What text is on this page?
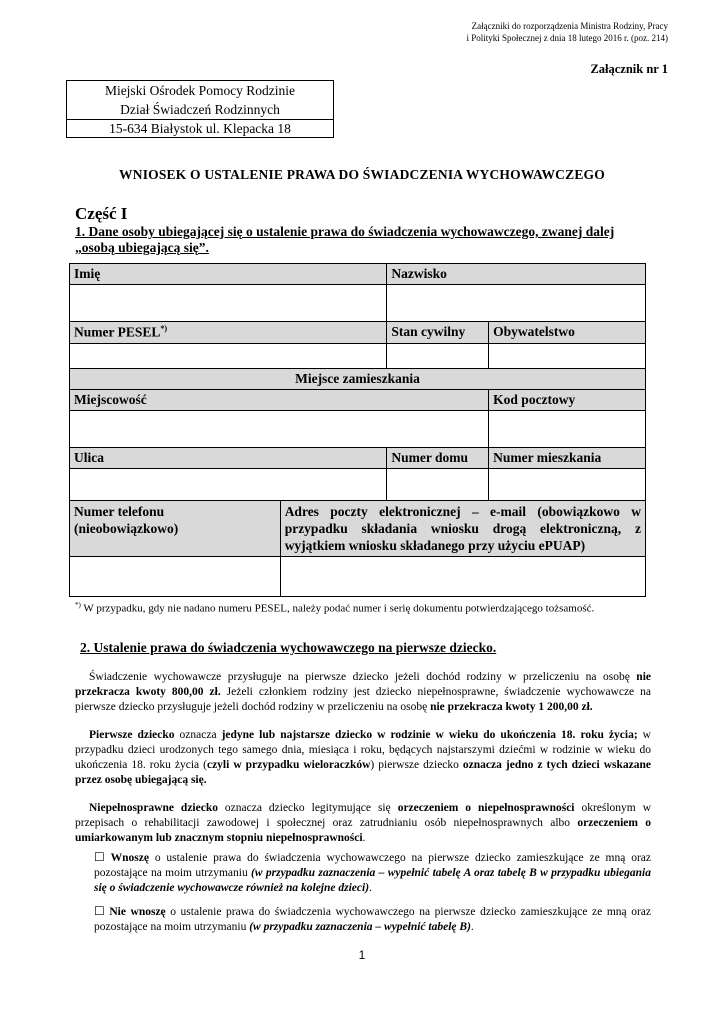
Załączniki do rozporządzenia Ministra Rodziny, Pracy
i Polityki Społecznej z dnia 18 lutego 2016 r. (poz. 214)
Załącznik nr 1
Miejski Ośrodek Pomocy Rodzinie
Dział Świadczeń Rodzinnych
15-634 Białystok ul. Klepacka 18
WNIOSEK O USTALENIE PRAWA DO ŚWIADCZENIA WYCHOWAWCZEGO
Część I
1. Dane osoby ubiegającej się o ustalenie prawa do świadczenia wychowawczego, zwanej dalej
„osobą ubiegającą się”.
Imię		Nazwisko	

Numer PESEL*)		Stan cywilny	Obywatelstwo

Miejsce zamieszkania			
Miejscowość			Kod pocztowy

Ulica		Numer domu	Numer mieszkania

Numer telefonu
(nieobowiązkowo)	Adres poczty elektronicznej – e-mail (obowiązkowo w przypadku składania wniosku drogą elektroniczną, z wyjątkiem wniosku składanego przy użyciu ePUAP)		

*) W przypadku, gdy nie nadano numeru PESEL, należy podać numer i serię dokumentu potwierdzającego tożsamość.
2. Ustalenie prawa do świadczenia wychowawczego na pierwsze dziecko.
Świadczenie wychowawcze przysługuje na pierwsze dziecko jeżeli dochód rodziny w przeliczeniu na osobę nie przekracza kwoty 800,00 zł. Jeżeli członkiem rodziny jest dziecko niepełnosprawne, świadczenie wychowawcze na pierwsze dziecko przysługuje jeżeli dochód rodziny w przeliczeniu na osobę nie przekracza kwoty 1 200,00 zł.
Pierwsze dziecko oznacza jedyne lub najstarsze dziecko w rodzinie w wieku do ukończenia 18. roku życia; w przypadku dzieci urodzonych tego samego dnia, miesiąca i roku, będących najstarszymi dziećmi w rodzinie w wieku do ukończenia 18. roku życia (czyli w przypadku wieloraczków) pierwsze dziecko oznacza jedno z tych dzieci wskazane przez osobę ubiegającą się.
Niepełnosprawne dziecko oznacza dziecko legitymujące się orzeczeniem o niepełnosprawności określonym w przepisach o rehabilitacji zawodowej i społecznej oraz zatrudnianiu osób niepełnosprawnych albo orzeczeniem o umiarkowanym lub znacznym stopniu niepełnosprawności.
☐ Wnoszę o ustalenie prawa do świadczenia wychowawczego na pierwsze dziecko zamieszkujące ze mną oraz pozostające na moim utrzymaniu (w przypadku zaznaczenia – wypełnić tabelę A oraz tabelę B w przypadku ubiegania się o świadczenie wychowawcze również na kolejne dzieci).
☐ Nie wnoszę o ustalenie prawa do świadczenia wychowawczego na pierwsze dziecko zamieszkujące ze mną oraz pozostające na moim utrzymaniu (w przypadku zaznaczenia – wypełnić tabelę B).
1
